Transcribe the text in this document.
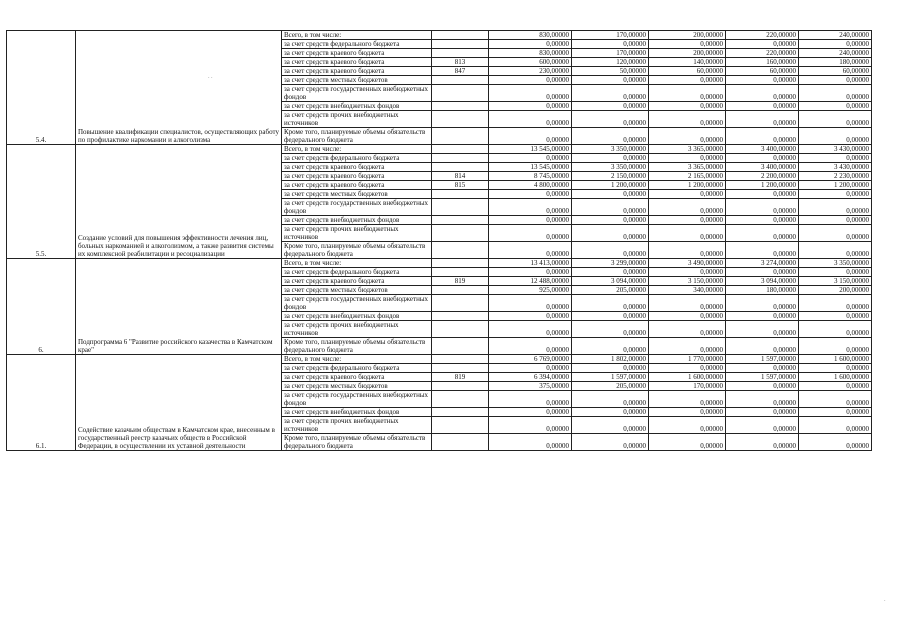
5.4.	Повышение квалификации специалистов, осуществляющих работу по профилактике наркомании и алкоголизма	Всего, в том числе:		830,00000	170,00000	200,00000	220,00000	240,00000
		за счет средств федерального бюджета		0,00000	0,00000	0,00000	0,00000	0,00000
		за счет средств краевого бюджета		830,00000	170,00000	200,00000	220,00000	240,00000
		за счет средств краевого бюджета	813	600,00000	120,00000	140,00000	160,00000	180,00000
		за счет средств краевого бюджета	847	230,00000	50,00000	60,00000	60,00000	60,00000
		за счет средств местных бюджетов		0,00000	0,00000	0,00000	0,00000	0,00000
		за счет средств государственных внебюджетных фондов		0,00000	0,00000	0,00000	0,00000	0,00000
		за счет средств внебюджетных фондов		0,00000	0,00000	0,00000	0,00000	0,00000
		за счет средств прочих внебюджетных источников		0,00000	0,00000	0,00000	0,00000	0,00000
		Кроме того, планируемые объемы обязательств федерального бюджета		0,00000	0,00000	0,00000	0,00000	0,00000
5.5.	Создание условий для повышения эффективности лечения лиц, больных наркоманией и алкоголизмом, а также развития системы их комплексной реабилитации и ресоциализации	Всего, в том числе:		13 545,00000	3 350,00000	3 365,00000	3 400,00000	3 430,00000
		за счет средств федерального бюджета		0,00000	0,00000	0,00000	0,00000	0,00000
		за счет средств краевого бюджета		13 545,00000	3 350,00000	3 365,00000	3 400,00000	3 430,00000
		за счет средств краевого бюджета	814	8 745,00000	2 150,00000	2 165,00000	2 200,00000	2 230,00000
		за счет средств краевого бюджета	815	4 800,00000	1 200,00000	1 200,00000	1 200,00000	1 200,00000
		за счет средств местных бюджетов		0,00000	0,00000	0,00000	0,00000	0,00000
		за счет средств государственных внебюджетных фондов		0,00000	0,00000	0,00000	0,00000	0,00000
		за счет средств внебюджетных фондов		0,00000	0,00000	0,00000	0,00000	0,00000
		за счет средств прочих внебюджетных источников		0,00000	0,00000	0,00000	0,00000	0,00000
		Кроме того, планируемые объемы обязательств федерального бюджета		0,00000	0,00000	0,00000	0,00000	0,00000
6.	Подпрограмма 6 "Развитие российского казачества в Камчатском крае"	Всего, в том числе:		13 413,00000	3 299,00000	3 490,00000	3 274,00000	3 350,00000
		за счет средств федерального бюджета		0,00000	0,00000	0,00000	0,00000	0,00000
		за счет средств краевого бюджета	819	12 488,00000	3 094,00000	3 150,00000	3 094,00000	3 150,00000
		за счет средств местных бюджетов		925,00000	205,00000	340,00000	180,00000	200,00000
		за счет средств государственных внебюджетных фондов		0,00000	0,00000	0,00000	0,00000	0,00000
		за счет средств внебюджетных фондов		0,00000	0,00000	0,00000	0,00000	0,00000
		за счет средств прочих внебюджетных источников		0,00000	0,00000	0,00000	0,00000	0,00000
		Кроме того, планируемые объемы обязательств федерального бюджета		0,00000	0,00000	0,00000	0,00000	0,00000
6.1.	Содействие казачьим обществам в Камчатском крае, внесенным в государственный реестр казачьих обществ в Российской Федерации, в осуществлении их уставной деятельности	Всего, в том числе:		6 769,00000	1 802,00000	1 770,00000	1 597,00000	1 600,00000
		за счет средств федерального бюджета		0,00000	0,00000	0,00000	0,00000	0,00000
		за счет средств краевого бюджета	819	6 394,00000	1 597,00000	1 600,00000	1 597,00000	1 600,00000
		за счет средств местных бюджетов		375,00000	205,00000	170,00000	0,00000	0,00000
		за счет средств государственных внебюджетных фондов		0,00000	0,00000	0,00000	0,00000	0,00000
		за счет средств внебюджетных фондов		0,00000	0,00000	0,00000	0,00000	0,00000
		за счет средств прочих внебюджетных источников		0,00000	0,00000	0,00000	0,00000	0,00000
		Кроме того, планируемые объемы обязательств федерального бюджета		0,00000	0,00000	0,00000	0,00000	0,00000
· ·
·
